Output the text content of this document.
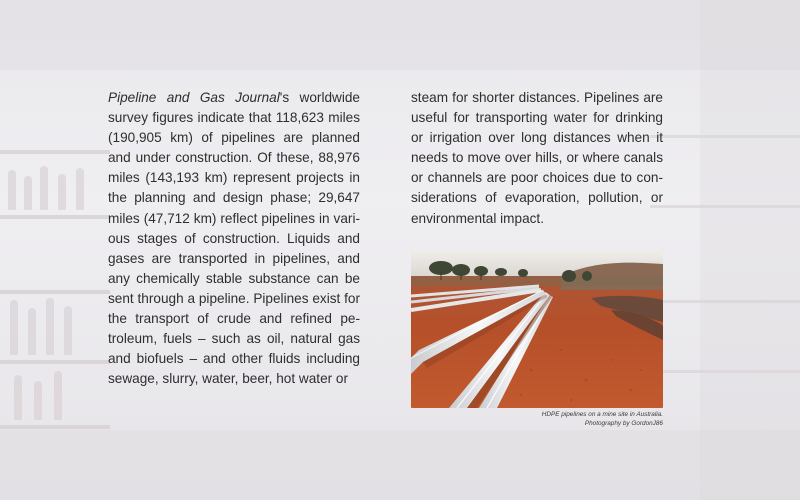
Pipeline and Gas Journal's worldwide survey figures indicate that 118,623 miles (190,905 km) of pipelines are planned and under construction. Of these, 88,976 miles (143,193 km) represent projects in the planning and design phase; 29,647 miles (47,712 km) reflect pipelines in various stages of construction. Liquids and gases are transported in pipelines, and any chemically stable substance can be sent through a pipeline. Pipelines exist for the transport of crude and refined petroleum, fuels – such as oil, natural gas and biofuels – and other fluids including sewage, slurry, water, beer, hot water or
steam for shorter distances. Pipelines are useful for transporting water for drinking or irrigation over long distances when it needs to move over hills, or where canals or channels are poor choices due to considerations of evaporation, pollution, or environmental impact.
HDPE pipelines on a mine site in Australia.
Photography by GordonJ86
